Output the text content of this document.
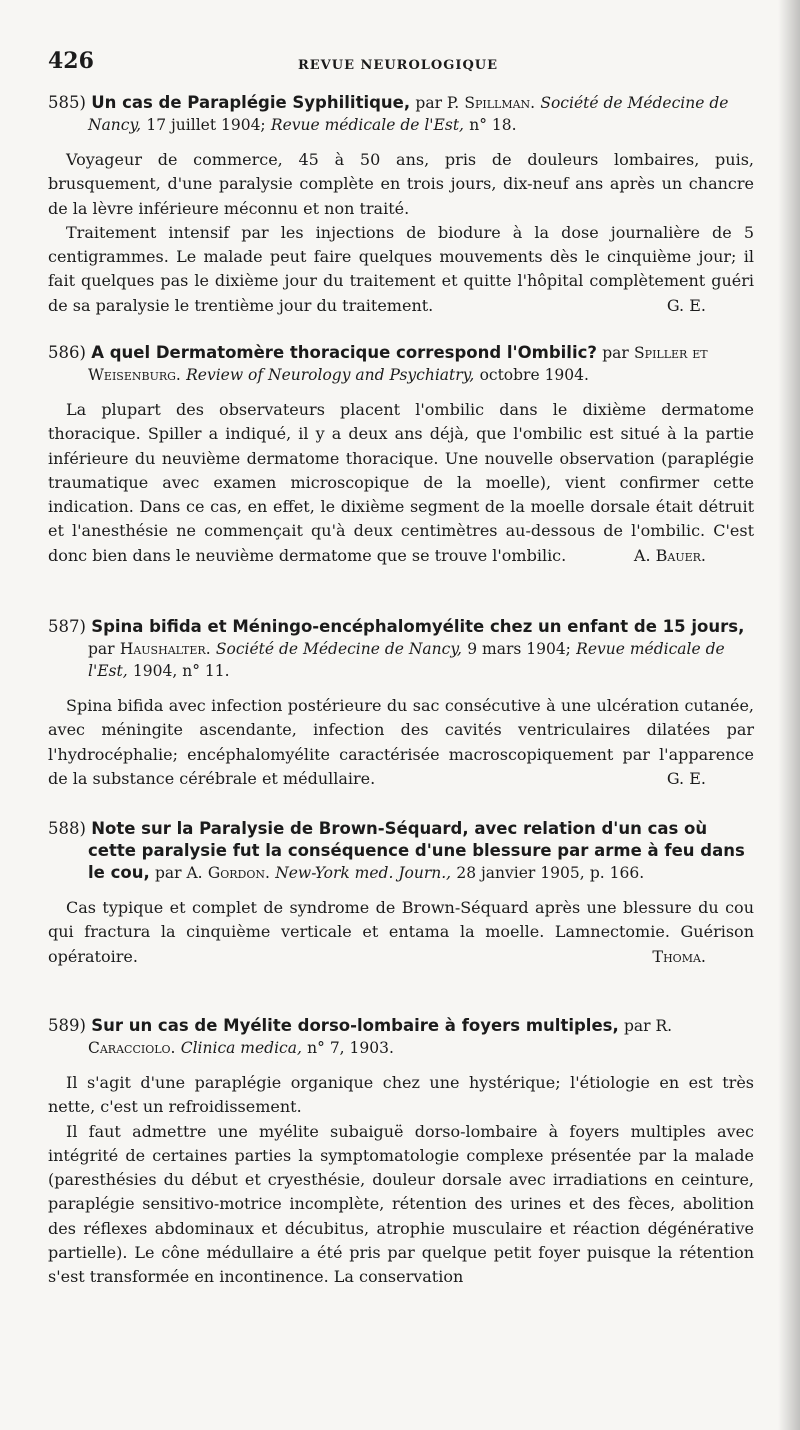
426	REVUE NEUROLOGIQUE

585) Un cas de Paraplégie Syphilitique, par P. Spillman. Société de Médecine de Nancy, 17 juillet 1904; Revue médicale de l'Est, n° 18.

Voyageur de commerce, 45 à 50 ans, pris de douleurs lombaires, puis, brusquement, d'une paralysie complète en trois jours, dix-neuf ans après un chancre de la lèvre inférieure méconnu et non traité.

Traitement intensif par les injections de biodure à la dose journalière de 5 centigrammes. Le malade peut faire quelques mouvements dès le cinquième jour; il fait quelques pas le dixième jour du traitement et quitte l'hôpital complètement guéri de sa paralysie le trentième jour du traitement.	G. E.

586) A quel Dermatomère thoracique correspond l'Ombilic? par Spiller et Weisenburg. Review of Neurology and Psychiatry, octobre 1904.

La plupart des observateurs placent l'ombilic dans le dixième dermatome thoracique. Spiller a indiqué, il y a deux ans déjà, que l'ombilic est situé à la partie inférieure du neuvième dermatome thoracique. Une nouvelle observation (paraplégie traumatique avec examen microscopique de la moelle), vient confirmer cette indication. Dans ce cas, en effet, le dixième segment de la moelle dorsale était détruit et l'anesthésie ne commençait qu'à deux centimètres au-dessous de l'ombilic. C'est donc bien dans le neuvième dermatome que se trouve l'ombilic.	A. Bauer.

587) Spina bifida et Méningo-encéphalomyélite chez un enfant de 15 jours, par Haushalter. Société de Médecine de Nancy, 9 mars 1904; Revue médicale de l'Est, 1904, n° 11.

Spina bifida avec infection postérieure du sac consécutive à une ulcération cutanée, avec méningite ascendante, infection des cavités ventriculaires dilatées par l'hydrocéphalie; encéphalomyélite caractérisée macroscopiquement par l'apparence de la substance cérébrale et médullaire.	G. E.

588) Note sur la Paralysie de Brown-Séquard, avec relation d'un cas où cette paralysie fut la conséquence d'une blessure par arme à feu dans le cou, par A. Gordon. New-York med. Journ., 28 janvier 1905, p. 166.

Cas typique et complet de syndrome de Brown-Séquard après une blessure du cou qui fractura la cinquième verticale et entama la moelle. Lamnectomie. Guérison opératoire.	Thoma.

589) Sur un cas de Myélite dorso-lombaire à foyers multiples, par R. Caracciolo. Clinica medica, n° 7, 1903.

Il s'agit d'une paraplégie organique chez une hystérique; l'étiologie en est très nette, c'est un refroidissement.

Il faut admettre une myélite subaiguë dorso-lombaire à foyers multiples avec intégrité de certaines parties la symptomatologie complexe présentée par la malade (paresthésies du début et cryesthésie, douleur dorsale avec irradiations en ceinture, paraplégie sensitivo-motrice incomplète, rétention des urines et des fèces, abolition des réflexes abdominaux et décubitus, atrophie musculaire et réaction dégénérative partielle). Le cône médullaire a été pris par quelque petit foyer puisque la rétention s'est transformée en incontinence. La conservation
